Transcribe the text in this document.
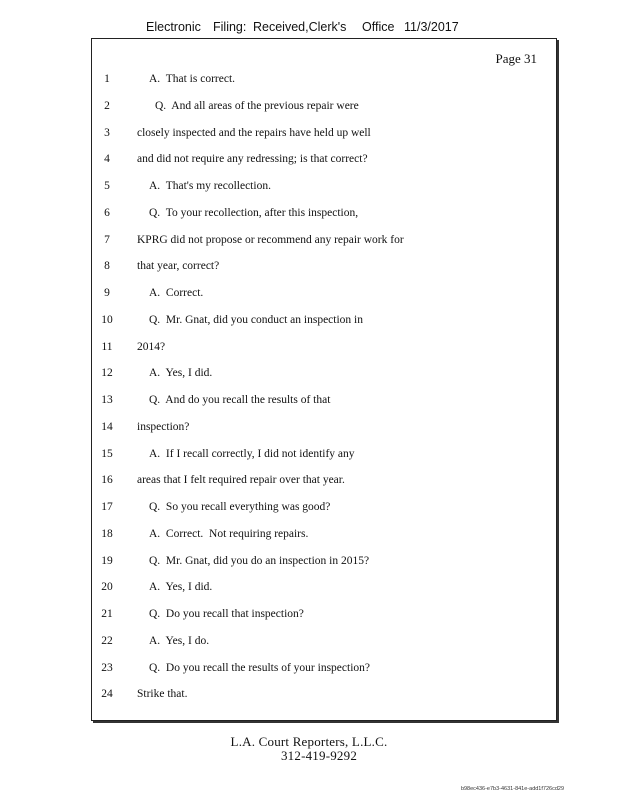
Electronic Filing: Received,Clerk's Office 11/3/2017
Page 31
1	A.  That is correct.
2	Q.  And all areas of the previous repair were
3	closely inspected and the repairs have held up well
4	and did not require any redressing; is that correct?
5	A.  That's my recollection.
6	Q.  To your recollection, after this inspection,
7	KPRG did not propose or recommend any repair work for
8	that year, correct?
9	A.  Correct.
10	Q.  Mr. Gnat, did you conduct an inspection in
11	2014?
12	A.  Yes, I did.
13	Q.  And do you recall the results of that
14	inspection?
15	A.  If I recall correctly, I did not identify any
16	areas that I felt required repair over that year.
17	Q.  So you recall everything was good?
18	A.  Correct.  Not requiring repairs.
19	Q.  Mr. Gnat, did you do an inspection in 2015?
20	A.  Yes, I did.
21	Q.  Do you recall that inspection?
22	A.  Yes, I do.
23	Q.  Do you recall the results of your inspection?
24	Strike that.
L.A. Court Reporters, L.L.C.
312-419-9292
b98ec436-e7b3-4631-841e-add1f726cd29
